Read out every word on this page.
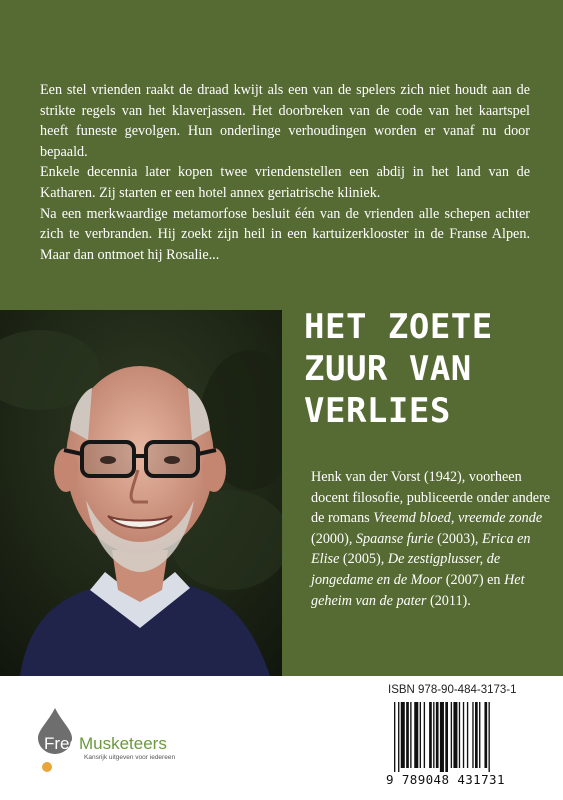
Een stel vrienden raakt de draad kwijt als een van de spelers zich niet houdt aan de strikte regels van het klaverjassen. Het doorbreken van de code van het kaartspel heeft funeste gevolgen. Hun onderlinge verhoudingen worden er vanaf nu door bepaald.

Enkele decennia later kopen twee vriendenstellen een abdij in het land van de Katharen. Zij starten er een hotel annex geriatrische kliniek.

Na een merkwaardige metamorfose besluit één van de vrienden alle schepen achter zich te verbranden. Hij zoekt zijn heil in een kartuizerklooster in de Franse Alpen. Maar dan ontmoet hij Rosalie...

HET ZOETE
ZUUR VAN
VERLIES
Henk van der Vorst (1942), voorheen docent filosofie, publiceerde onder andere de romans Vreemd bloed, vreemde zonde (2000), Spaanse furie (2003), Erica en Elise (2005), De zestigplusser, de jongedame en de Moor (2007) en Het geheim van de pater (2011).
FreeMusketeers
Kansrijk uitgeven voor iedereen
ISBN 978-90-484-3173-1
9 789048 431731
